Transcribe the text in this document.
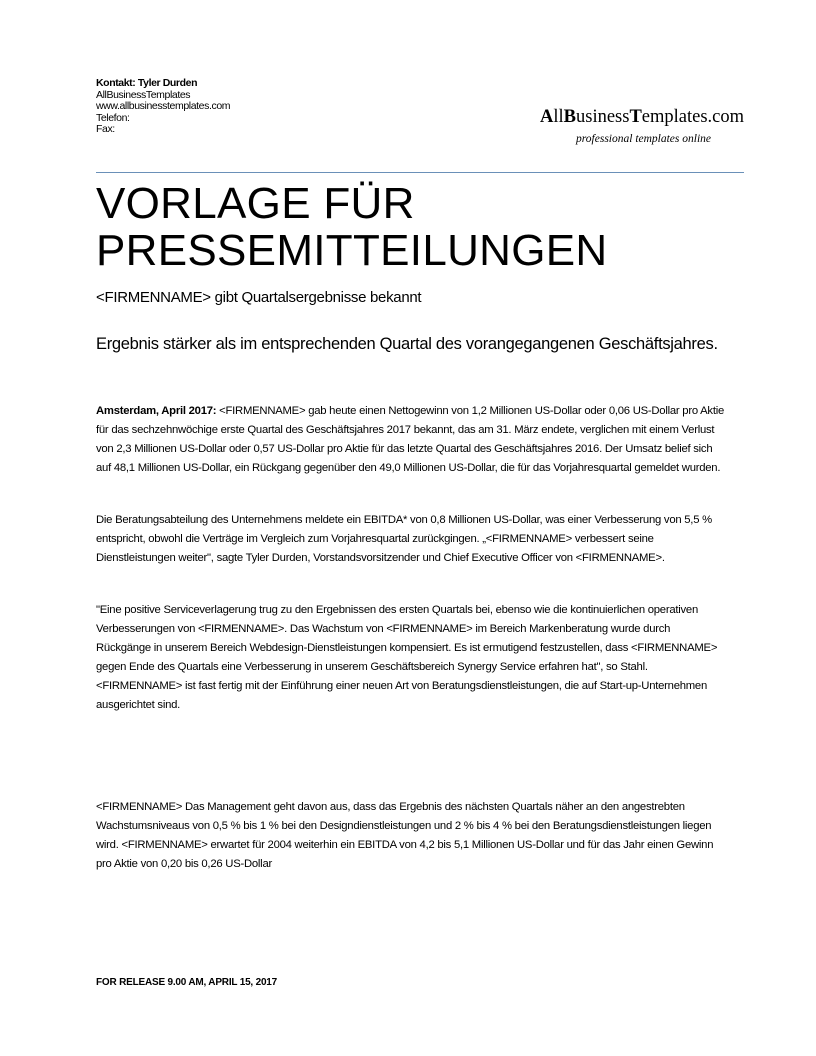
Kontakt: Tyler Durden
AllBusinessTemplates
www.allbusinesstemplates.com
Telefon:
Fax:
AllBusinessTemplates.com
professional templates online
VORLAGE FÜR
PRESSEMITTEILUNGEN
<FIRMENNAME> gibt Quartalsergebnisse bekannt
Ergebnis stärker als im entsprechenden Quartal des vorangegangenen Geschäftsjahres.
Amsterdam, April 2017: <FIRMENNAME> gab heute einen Nettogewinn von 1,2 Millionen US-Dollar oder 0,06 US-Dollar pro Aktie für das sechzehnwöchige erste Quartal des Geschäftsjahres 2017 bekannt, das am 31. März endete, verglichen mit einem Verlust von 2,3 Millionen US-Dollar oder 0,57 US-Dollar pro Aktie für das letzte Quartal des Geschäftsjahres 2016. Der Umsatz belief sich auf 48,1 Millionen US-Dollar, ein Rückgang gegenüber den 49,0 Millionen US-Dollar, die für das Vorjahresquartal gemeldet wurden.
Die Beratungsabteilung des Unternehmens meldete ein EBITDA* von 0,8 Millionen US-Dollar, was einer Verbesserung von 5,5 % entspricht, obwohl die Verträge im Vergleich zum Vorjahresquartal zurückgingen. „<FIRMENNAME> verbessert seine Dienstleistungen weiter", sagte Tyler Durden, Vorstandsvorsitzender und Chief Executive Officer von <FIRMENNAME>.
"Eine positive Serviceverlagerung trug zu den Ergebnissen des ersten Quartals bei, ebenso wie die kontinuierlichen operativen Verbesserungen von <FIRMENNAME>. Das Wachstum von <FIRMENNAME> im Bereich Markenberatung wurde durch Rückgänge in unserem Bereich Webdesign-Dienstleistungen kompensiert. Es ist ermutigend festzustellen, dass <FIRMENNAME> gegen Ende des Quartals eine Verbesserung in unserem Geschäftsbereich Synergy Service erfahren hat", so Stahl. <FIRMENNAME> ist fast fertig mit der Einführung einer neuen Art von Beratungsdienstleistungen, die auf Start-up-Unternehmen ausgerichtet sind.
<FIRMENNAME> Das Management geht davon aus, dass das Ergebnis des nächsten Quartals näher an den angestrebten Wachstumsniveaus von 0,5 % bis 1 % bei den Designdienstleistungen und 2 % bis 4 % bei den Beratungsdienstleistungen liegen wird. <FIRMENNAME> erwartet für 2004 weiterhin ein EBITDA von 4,2 bis 5,1 Millionen US-Dollar und für das Jahr einen Gewinn pro Aktie von 0,20 bis 0,26 US-Dollar
FOR RELEASE 9.00 AM, APRIL 15, 2017
